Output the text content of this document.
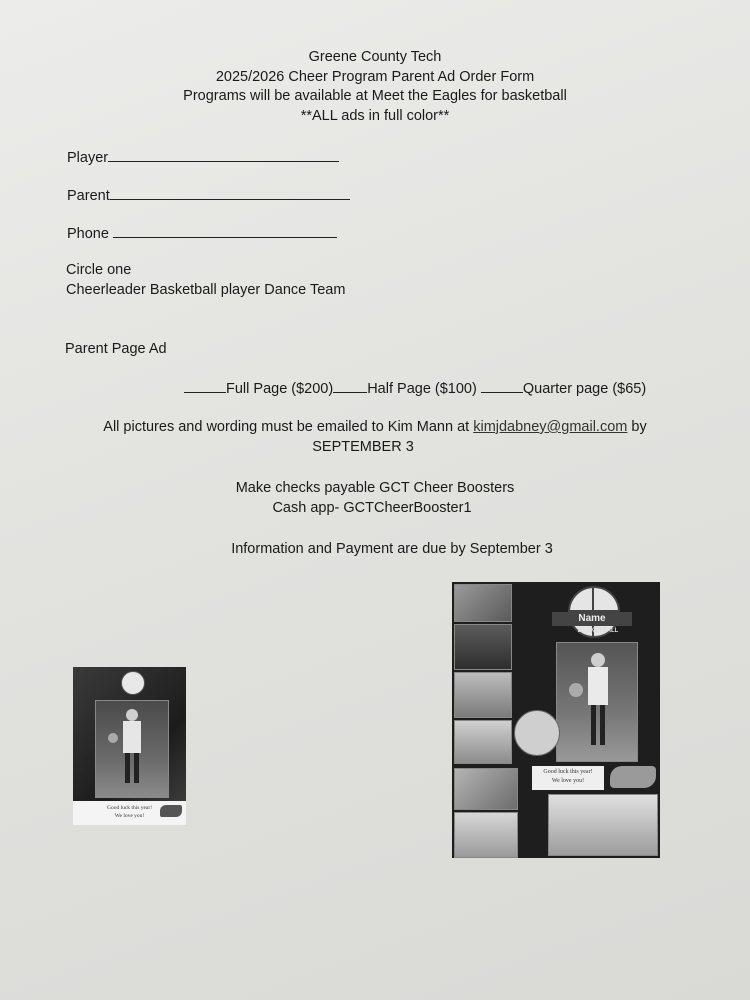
Greene County Tech
2025/2026 Cheer Program Parent Ad Order Form
Programs will be available at Meet the Eagles for basketball
**ALL ads in full color**
Player
Parent
Phone
Circle one
Cheerleader Basketball player Dance Team
Parent Page Ad
Full Page ($200) Half Page ($100)	Quarter page ($65)
All pictures and wording must be emailed to Kim Mann at kimjdabney@gmail.com by
SEPTEMBER 3
Make checks payable GCT Cheer Boosters
Cash app- GCTCheerBooster1
Information and Payment are due by September 3
Good luck this year!
We love you!
Name
BASKETBALL
Good luck this year!
We love you!
